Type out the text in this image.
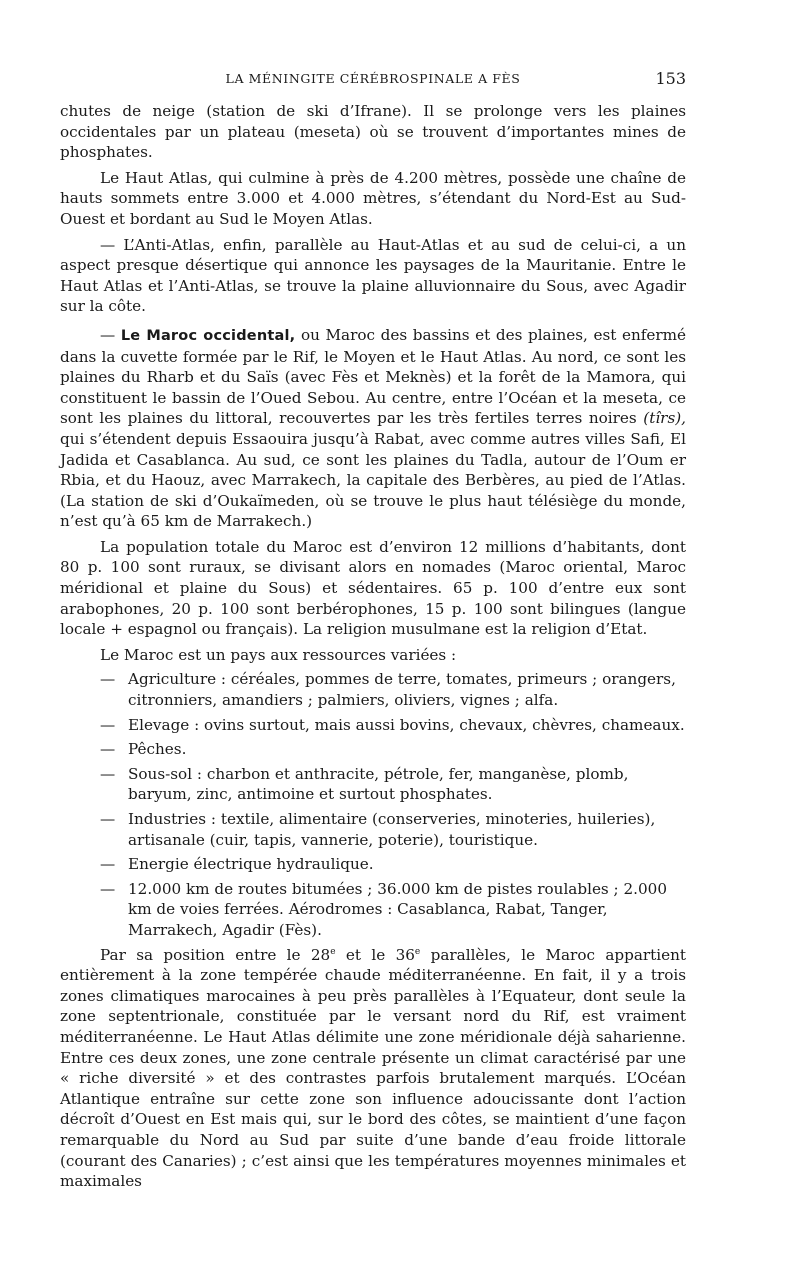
LA MÉNINGITE CÉRÉBROSPINALE A FÈS	153

chutes de neige (station de ski d’Ifrane). Il se prolonge vers les plaines occidentales par un plateau (meseta) où se trouvent d’importantes mines de phosphates.

Le Haut Atlas, qui culmine à près de 4.200 mètres, possède une chaîne de hauts sommets entre 3.000 et 4.000 mètres, s’étendant du Nord-Est au Sud-Ouest et bordant au Sud le Moyen Atlas.

— L’Anti-Atlas, enfin, parallèle au Haut-Atlas et au sud de celui-ci, a un aspect presque désertique qui annonce les paysages de la Mauritanie. Entre le Haut Atlas et l’Anti-Atlas, se trouve la plaine alluvionnaire du Sous, avec Agadir sur la côte.

— Le Maroc occidental, ou Maroc des bassins et des plaines, est enfermé dans la cuvette formée par le Rif, le Moyen et le Haut Atlas. Au nord, ce sont les plaines du Rharb et du Saïs (avec Fès et Meknès) et la forêt de la Mamora, qui constituent le bassin de l’Oued Sebou. Au centre, entre l’Océan et la meseta, ce sont les plaines du littoral, recouvertes par les très fertiles terres noires (tîrs), qui s’étendent depuis Essaouira jusqu’à Rabat, avec comme autres villes Safi, El Jadida et Casablanca. Au sud, ce sont les plaines du Tadla, autour de l’Oum er Rbia, et du Haouz, avec Marrakech, la capitale des Berbères, au pied de l’Atlas. (La station de ski d’Oukaïmeden, où se trouve le plus haut télésiège du monde, n’est qu’à 65 km de Marrakech.)

La population totale du Maroc est d’environ 12 millions d’habitants, dont 80 p. 100 sont ruraux, se divisant alors en nomades (Maroc oriental, Maroc méridional et plaine du Sous) et sédentaires. 65 p. 100 d’entre eux sont arabophones, 20 p. 100 sont berbérophones, 15 p. 100 sont bilingues (langue locale + espagnol ou français). La religion musulmane est la religion d’Etat.

Le Maroc est un pays aux ressources variées :

— Agriculture : céréales, pommes de terre, tomates, primeurs ; orangers, citronniers, amandiers ; palmiers, oliviers, vignes ; alfa.
— Elevage : ovins surtout, mais aussi bovins, chevaux, chèvres, chameaux.
— Pêches.
— Sous-sol : charbon et anthracite, pétrole, fer, manganèse, plomb, baryum, zinc, antimoine et surtout phosphates.
— Industries : textile, alimentaire (conserveries, minoteries, huileries), artisanale (cuir, tapis, vannerie, poterie), touristique.
— Energie électrique hydraulique.
— 12.000 km de routes bitumées ; 36.000 km de pistes roulables ; 2.000 km de voies ferrées. Aérodromes : Casablanca, Rabat, Tanger, Marrakech, Agadir (Fès).

Par sa position entre le 28e et le 36e parallèles, le Maroc appartient entièrement à la zone tempérée chaude méditerranéenne. En fait, il y a trois zones climatiques marocaines à peu près parallèles à l’Equateur, dont seule la zone septentrionale, constituée par le versant nord du Rif, est vraiment méditerranéenne. Le Haut Atlas délimite une zone méridionale déjà saharienne. Entre ces deux zones, une zone centrale présente un climat caractérisé par une « riche diversité » et des contrastes parfois brutalement marqués. L’Océan Atlantique entraîne sur cette zone son influence adoucissante dont l’action décroît d’Ouest en Est mais qui, sur le bord des côtes, se maintient d’une façon remarquable du Nord au Sud par suite d’une bande d’eau froide littorale (courant des Canaries) ; c’est ainsi que les températures moyennes minimales et maximales
